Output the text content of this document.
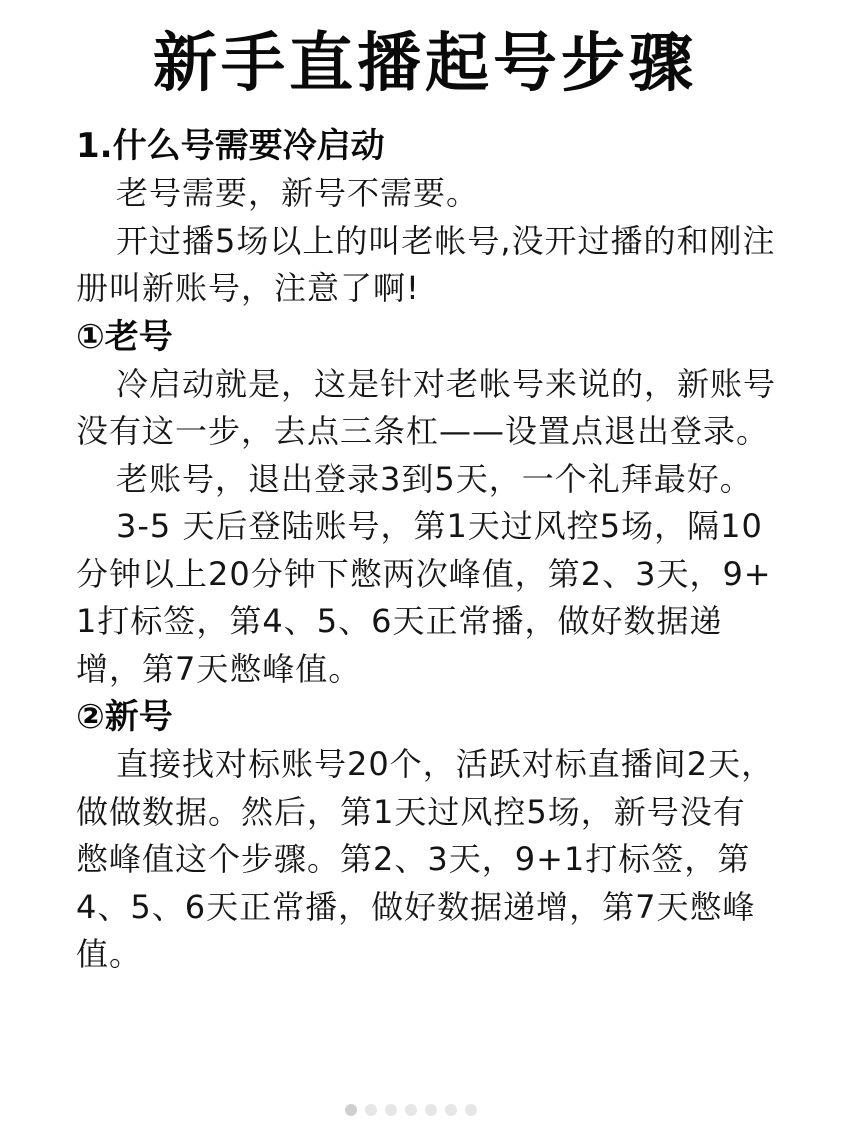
新手直播起号步骤

1.什么号需要冷启动

老号需要，新号不需要。

开过播5场以上的叫老帐号,没开过播的和刚注册叫新账号，注意了啊!

①老号

冷启动就是，这是针对老帐号来说的，新账号没有这一步，去点三条杠——设置点退出登录。

老账号，退出登录3到5天，一个礼拜最好。

3-5 天后登陆账号，第1天过风控5场，隔10分钟以上20分钟下憋两次峰值，第2、3天，9+1打标签，第4、5、6天正常播，做好数据递增，第7天憋峰值。

②新号

直接找对标账号20个，活跃对标直播间2天，做做数据。然后，第1天过风控5场，新号没有憋峰值这个步骤。第2、3天，9+1打标签，第4、5、6天正常播，做好数据递增，第7天憋峰值。
